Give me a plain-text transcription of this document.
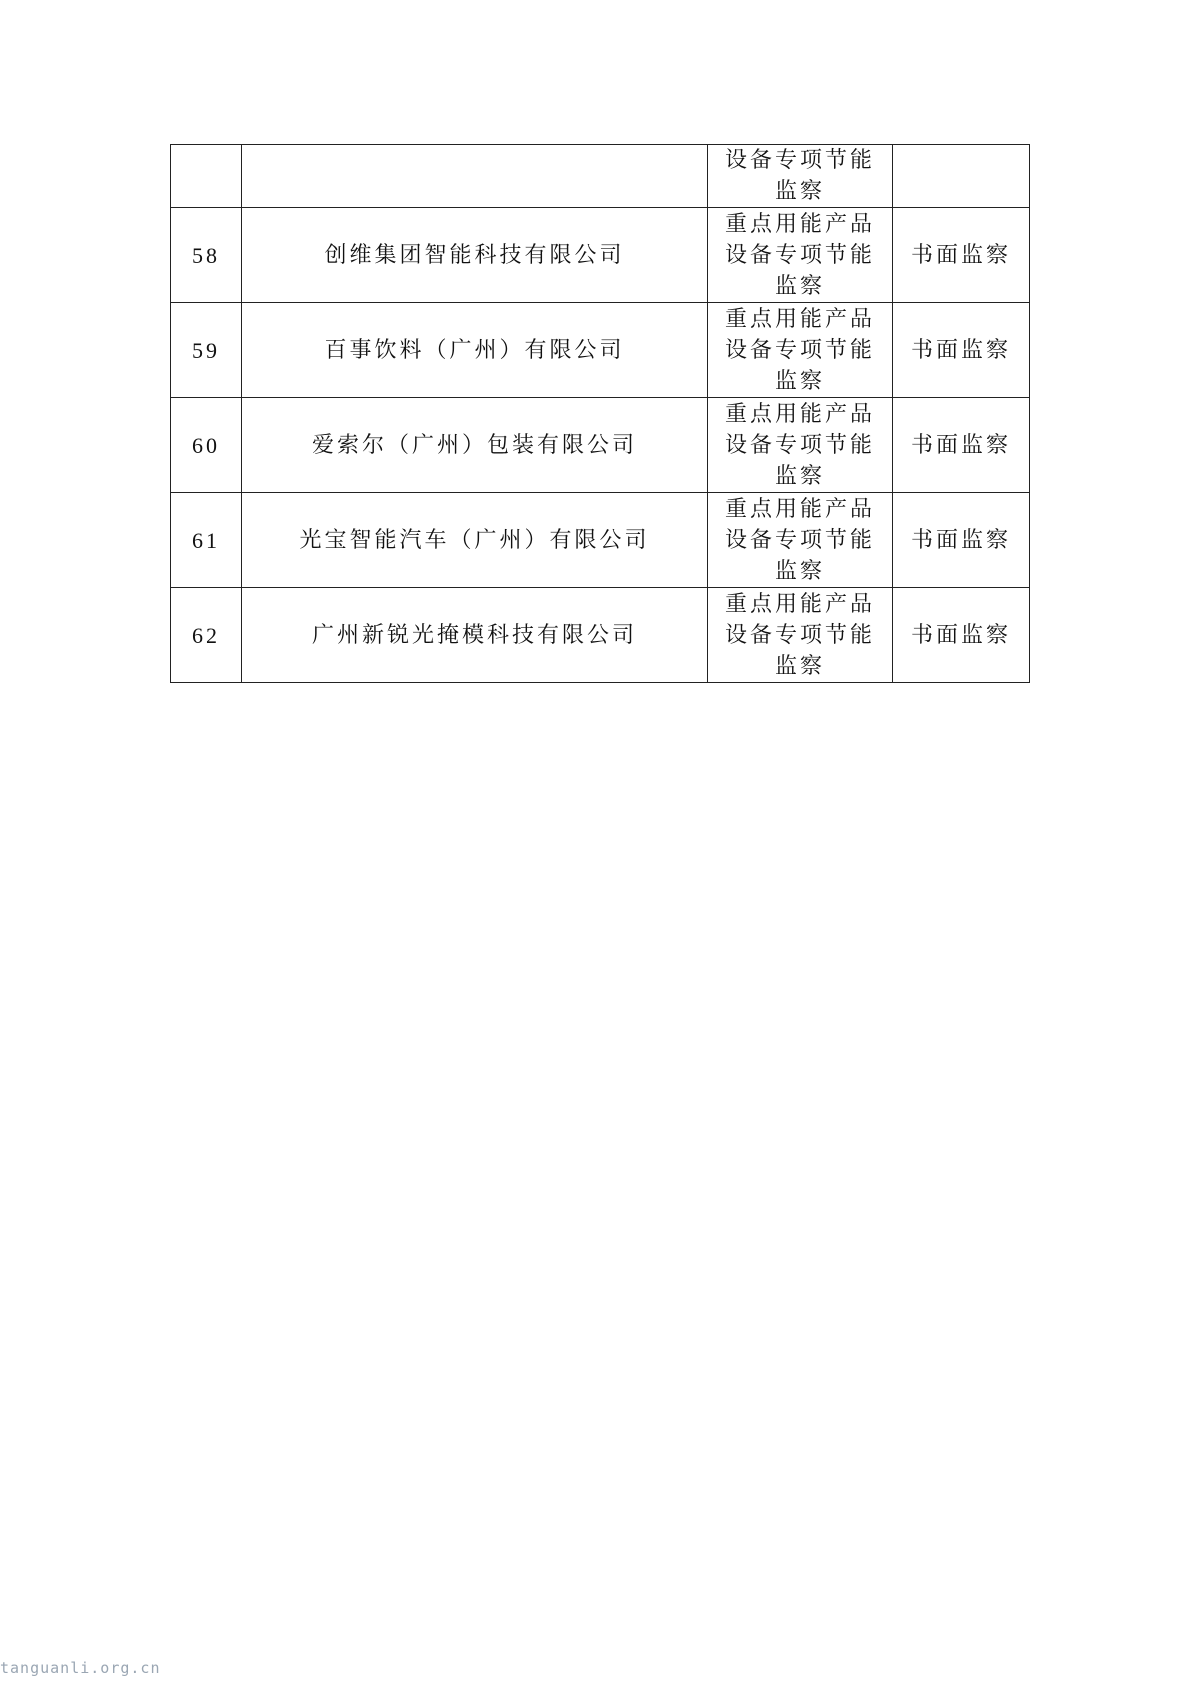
		设备专项节能
监察	
58	创维集团智能科技有限公司	重点用能产品
设备专项节能
监察	书面监察
59	百事饮料（广州）有限公司	重点用能产品
设备专项节能
监察	书面监察
60	爱索尔（广州）包装有限公司	重点用能产品
设备专项节能
监察	书面监察
61	光宝智能汽车（广州）有限公司	重点用能产品
设备专项节能
监察	书面监察
62	广州新锐光掩模科技有限公司	重点用能产品
设备专项节能
监察	书面监察
tanguanli.org.cn
